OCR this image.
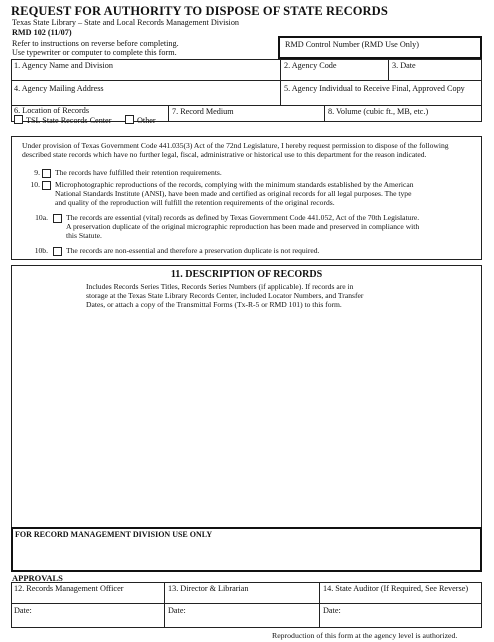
REQUEST FOR AUTHORITY TO DISPOSE OF STATE RECORDS
Texas State Library – State and Local Records Management Division
RMD 102 (11/07)
Refer to instructions on reverse before completing.
Use typewriter or computer to complete this form.
RMD Control Number (RMD Use Only)
1. Agency Name and Division	2. Agency Code	3. Date
4. Agency Mailing Address	5. Agency Individual to Receive Final, Approved Copy
6. Location of Records
TSL State Records Center	Other
7. Record Medium	8. Volume (cubic ft., MB, etc.)
Under provision of Texas Government Code 441.035(3) Act of the 72nd Legislature, I hereby request permission to dispose of the following
described state records which have no further legal, fiscal, administrative or historical use to this department for the reason indicated.
9. The records have fulfilled their retention requirements.
10. Microphotographic reproductions of the records, complying with the minimum standards established by the American
National Standards Institute (ANSI), have been made and certified as original records for all legal purposes. The type
and quality of the reproduction will fulfill the retention requirements of the original records.
10a. The records are essential (vital) records as defined by Texas Government Code 441.052, Act of the 70th Legislature.
A preservation duplicate of the original micrographic reproduction has been made and preserved in compliance with
this Statute.
10b. The records are non-essential and therefore a preservation duplicate is not required.
11. DESCRIPTION OF RECORDS
Includes Records Series Titles, Records Series Numbers (if applicable). If records are in
storage at the Texas State Library Records Center, included Locator Numbers, and Transfer
Dates, or attach a copy of the Transmittal Forms (Tx-R-5 or RMD 101) to this form.
FOR RECORD MANAGEMENT DIVISION USE ONLY
APPROVALS
12. Records Management Officer	13. Director & Librarian	14. State Auditor (If Required, See Reverse)
Date:	Date:	Date:
Reproduction of this form at the agency level is authorized.
